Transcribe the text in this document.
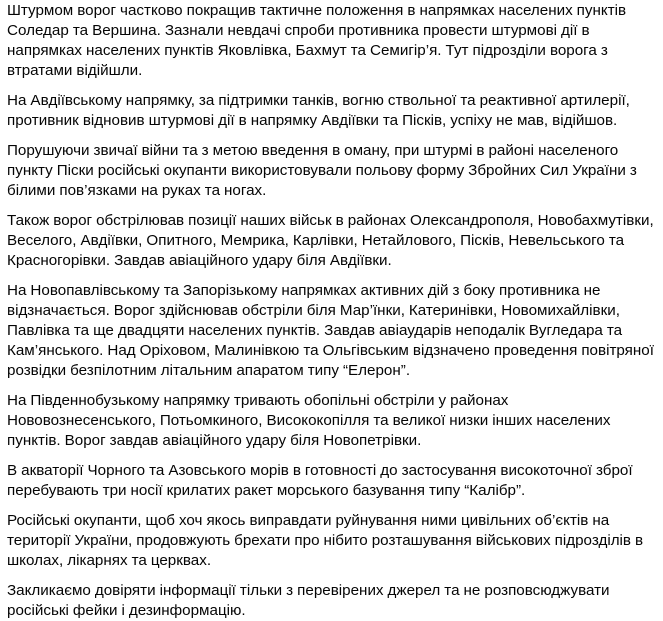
Штурмом ворог частково покращив тактичне положення в напрямках населених пунктів Соледар та Вершина. Зазнали невдачі спроби противника провести штурмові дії в напрямках населених пунктів Яковлівка, Бахмут та Семигір’я. Тут підрозділи ворога з втратами відійшли.

На Авдіївському напрямку, за підтримки танків, вогню ствольної та реактивної артилерії, противник відновив штурмові дії в напрямку Авдіївки та Пісків, успіху не мав, відійшов.

Порушуючи звичаї війни та з метою введення в оману, при штурмі в районі населеного пункту Піски російські окупанти використовували польову форму Збройних Сил України з білими пов’язками на руках та ногах.

Також ворог обстрілював позиції наших військ в районах Олександрополя, Новобахмутівки, Веселого, Авдіївки, Опитного, Мемрика, Карлівки, Нетайлового, Пісків, Невельського та Красногорівки. Завдав авіаційного удару біля Авдіївки.

На Новопавлівському та Запорізькому напрямках активних дій з боку противника не відзначається. Ворог здійснював обстріли біля Мар’їнки, Катеринівки, Новомихайлівки, Павлівка та ще двадцяти населених пунктів. Завдав авіаударів неподалік Вугледара та Кам’янського. Над Оріховом, Малинівкою та Ольгівським відзначено проведення повітряної розвідки безпілотним літальним апаратом типу “Елерон”.

На Південнобузькому напрямку тривають обопільні обстріли у районах Нововознесенського, Потьомкиного, Висококопілля та великої низки інших населених пунктів. Ворог завдав авіаційного удару біля Новопетрівки.

В акваторії Чорного та Азовського морів в готовності до застосування високоточної зброї перебувають три носії крилатих ракет морського базування типу “Калібр”.

Російські окупанти, щоб хоч якось виправдати руйнування ними цивільних об’єктів на території України, продовжують брехати про нібито розташування військових підрозділів в школах, лікарнях та церквах.

Закликаємо довіряти інформації тільки з перевірених джерел та не розповсюджувати російські фейки і дезинформацію.
